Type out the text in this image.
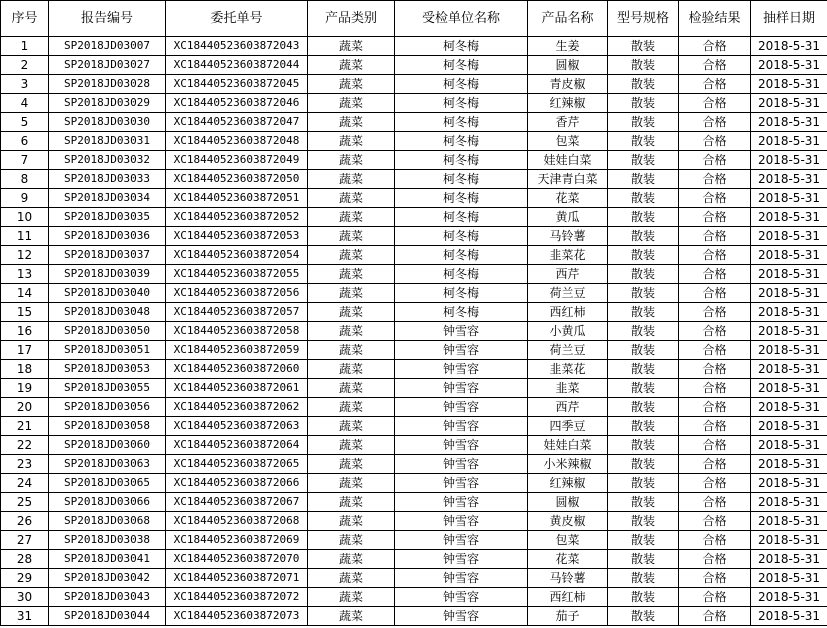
序号	报告编号	委托单号	产品类别	受检单位名称	产品名称	型号规格	检验结果	抽样日期
1	SP2018JD03007	XC18440523603872043	蔬菜	柯冬梅	生姜	散装	合格	2018-5-31
2	SP2018JD03027	XC18440523603872044	蔬菜	柯冬梅	圆椒	散装	合格	2018-5-31
3	SP2018JD03028	XC18440523603872045	蔬菜	柯冬梅	青皮椒	散装	合格	2018-5-31
4	SP2018JD03029	XC18440523603872046	蔬菜	柯冬梅	红辣椒	散装	合格	2018-5-31
5	SP2018JD03030	XC18440523603872047	蔬菜	柯冬梅	香芹	散装	合格	2018-5-31
6	SP2018JD03031	XC18440523603872048	蔬菜	柯冬梅	包菜	散装	合格	2018-5-31
7	SP2018JD03032	XC18440523603872049	蔬菜	柯冬梅	娃娃白菜	散装	合格	2018-5-31
8	SP2018JD03033	XC18440523603872050	蔬菜	柯冬梅	天津青白菜	散装	合格	2018-5-31
9	SP2018JD03034	XC18440523603872051	蔬菜	柯冬梅	花菜	散装	合格	2018-5-31
10	SP2018JD03035	XC18440523603872052	蔬菜	柯冬梅	黄瓜	散装	合格	2018-5-31
11	SP2018JD03036	XC18440523603872053	蔬菜	柯冬梅	马铃薯	散装	合格	2018-5-31
12	SP2018JD03037	XC18440523603872054	蔬菜	柯冬梅	韭菜花	散装	合格	2018-5-31
13	SP2018JD03039	XC18440523603872055	蔬菜	柯冬梅	西芹	散装	合格	2018-5-31
14	SP2018JD03040	XC18440523603872056	蔬菜	柯冬梅	荷兰豆	散装	合格	2018-5-31
15	SP2018JD03048	XC18440523603872057	蔬菜	柯冬梅	西红柿	散装	合格	2018-5-31
16	SP2018JD03050	XC18440523603872058	蔬菜	钟雪容	小黄瓜	散装	合格	2018-5-31
17	SP2018JD03051	XC18440523603872059	蔬菜	钟雪容	荷兰豆	散装	合格	2018-5-31
18	SP2018JD03053	XC18440523603872060	蔬菜	钟雪容	韭菜花	散装	合格	2018-5-31
19	SP2018JD03055	XC18440523603872061	蔬菜	钟雪容	韭菜	散装	合格	2018-5-31
20	SP2018JD03056	XC18440523603872062	蔬菜	钟雪容	西芹	散装	合格	2018-5-31
21	SP2018JD03058	XC18440523603872063	蔬菜	钟雪容	四季豆	散装	合格	2018-5-31
22	SP2018JD03060	XC18440523603872064	蔬菜	钟雪容	娃娃白菜	散装	合格	2018-5-31
23	SP2018JD03063	XC18440523603872065	蔬菜	钟雪容	小米辣椒	散装	合格	2018-5-31
24	SP2018JD03065	XC18440523603872066	蔬菜	钟雪容	红辣椒	散装	合格	2018-5-31
25	SP2018JD03066	XC18440523603872067	蔬菜	钟雪容	圆椒	散装	合格	2018-5-31
26	SP2018JD03068	XC18440523603872068	蔬菜	钟雪容	黄皮椒	散装	合格	2018-5-31
27	SP2018JD03038	XC18440523603872069	蔬菜	钟雪容	包菜	散装	合格	2018-5-31
28	SP2018JD03041	XC18440523603872070	蔬菜	钟雪容	花菜	散装	合格	2018-5-31
29	SP2018JD03042	XC18440523603872071	蔬菜	钟雪容	马铃薯	散装	合格	2018-5-31
30	SP2018JD03043	XC18440523603872072	蔬菜	钟雪容	西红柿	散装	合格	2018-5-31
31	SP2018JD03044	XC18440523603872073	蔬菜	钟雪容	茄子	散装	合格	2018-5-31
